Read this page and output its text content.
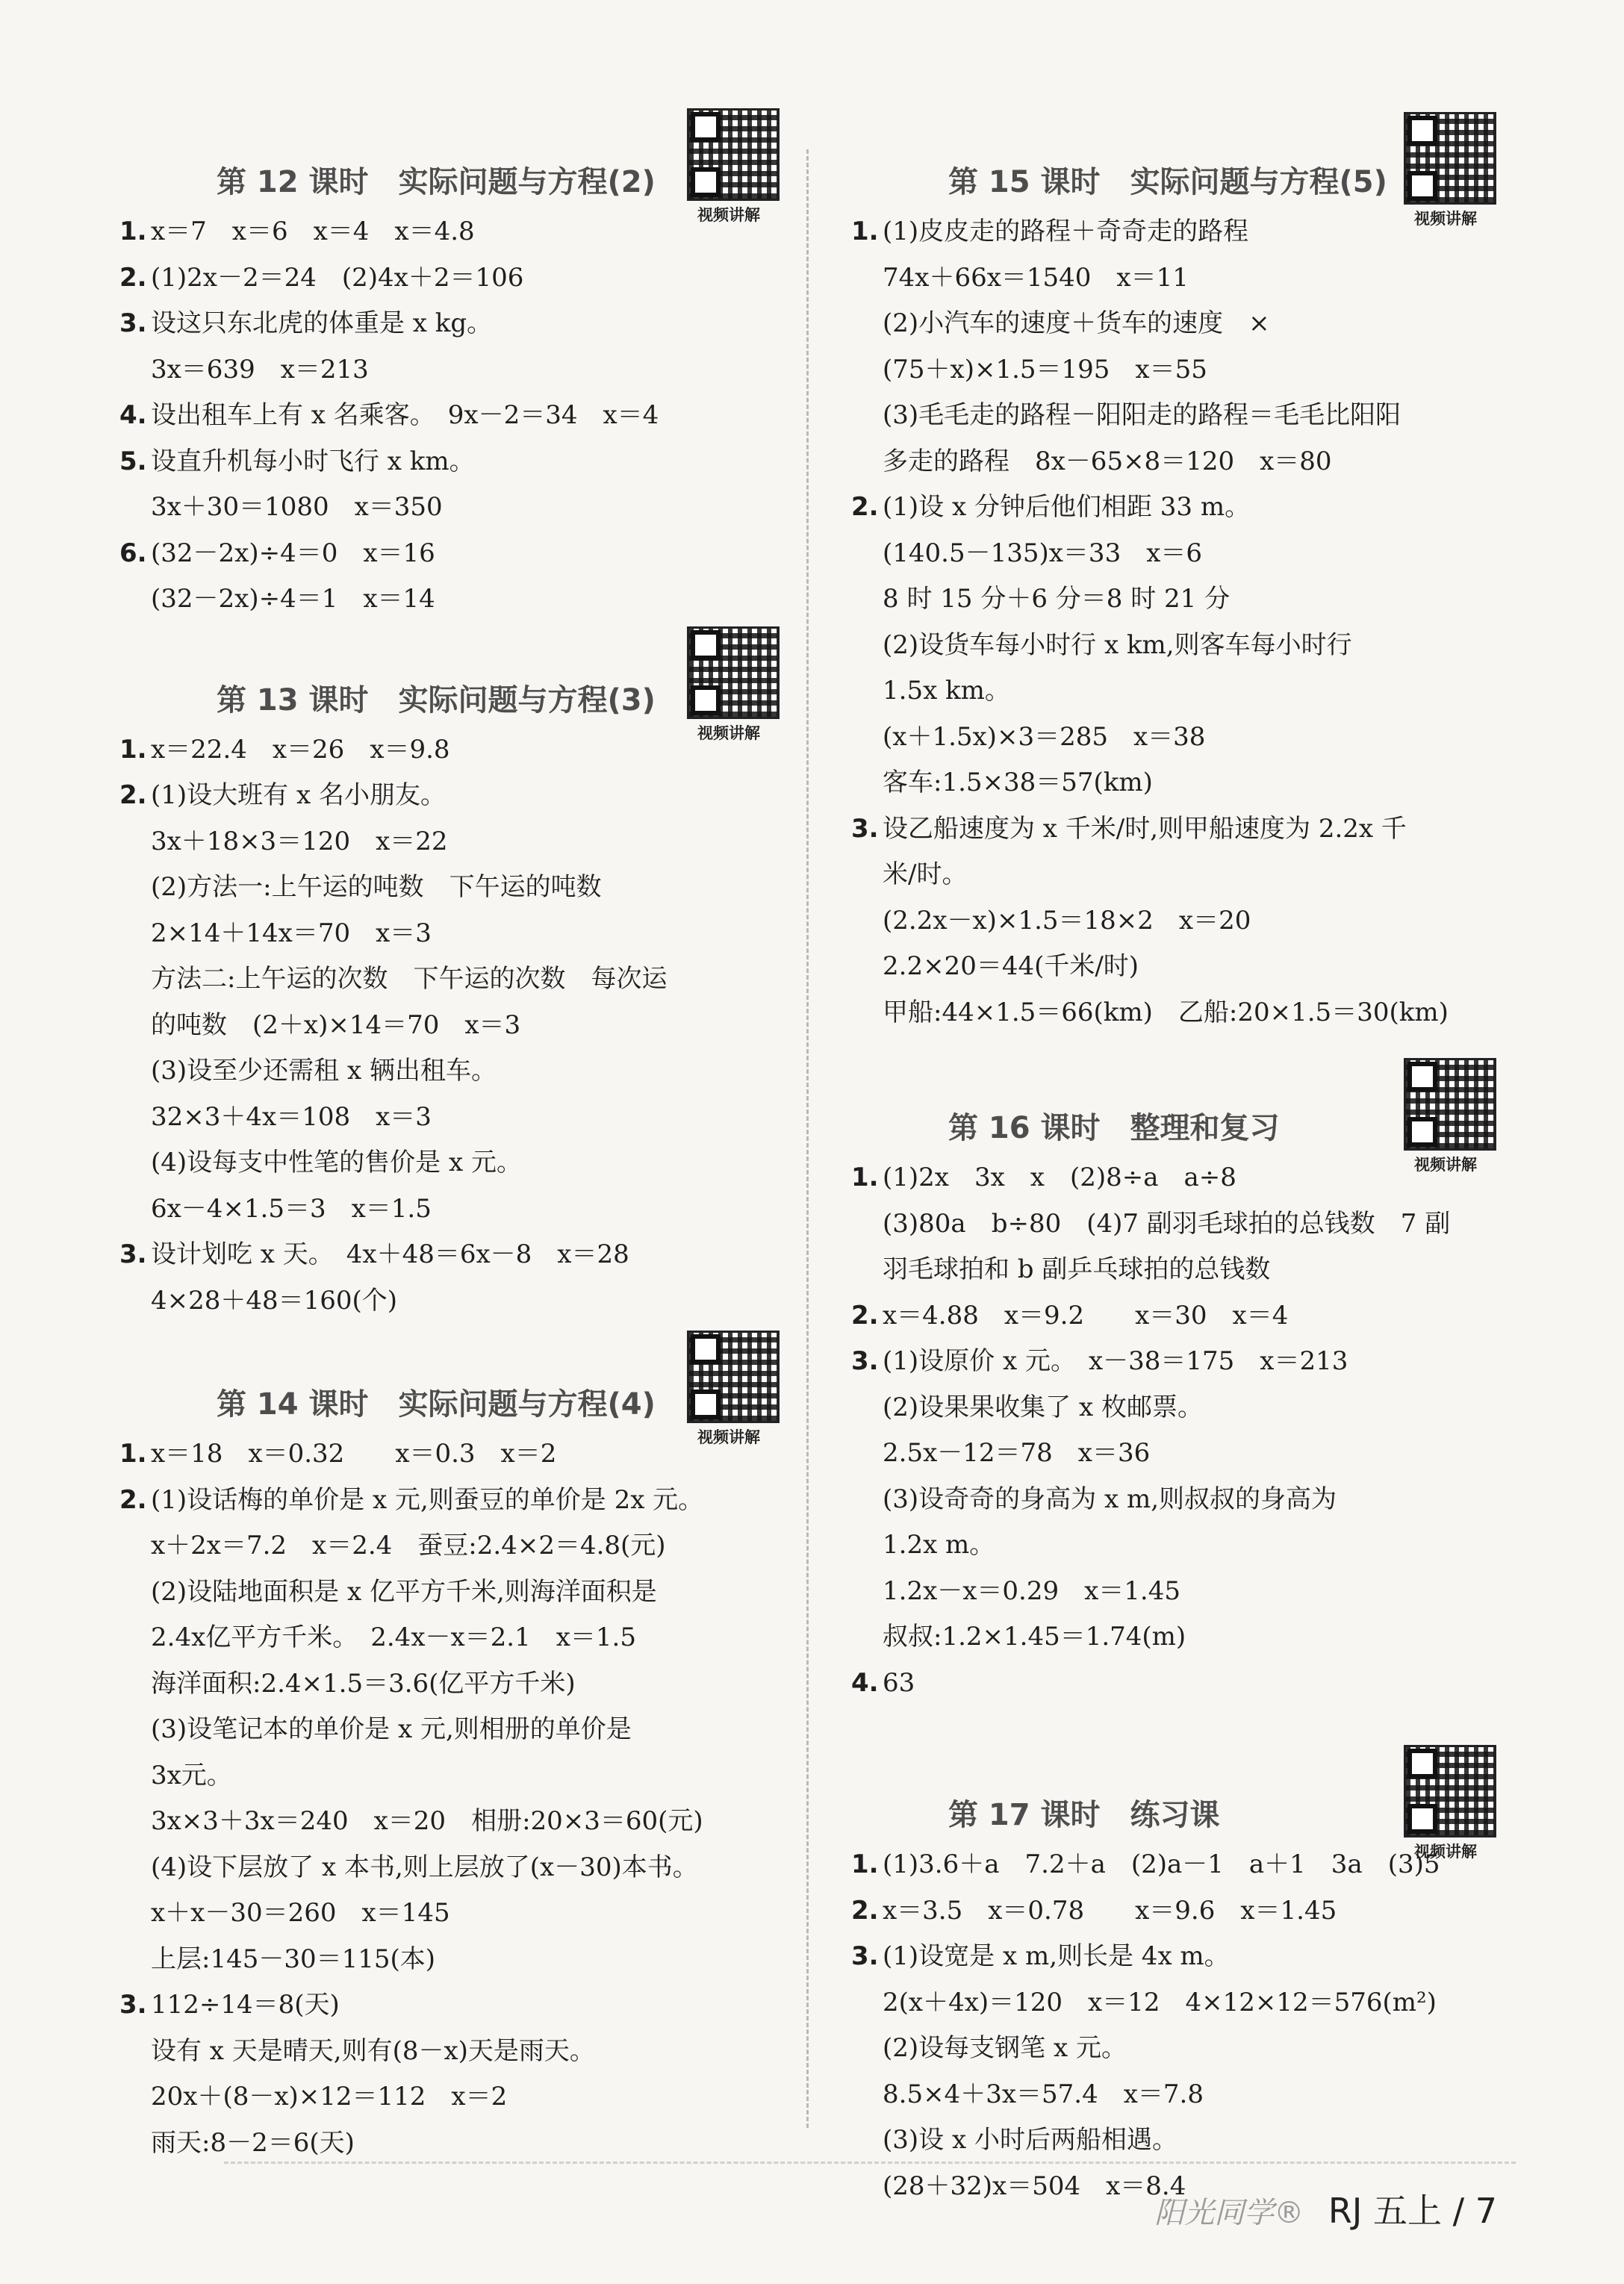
第 12 课时　实际问题与方程(2)
视频讲解
1. x＝7　x＝6　x＝4　x＝4.8
2. (1)2x－2＝24　(2)4x＋2＝106
3. 设这只东北虎的体重是 x kg。
3x＝639　x＝213
4. 设出租车上有 x 名乘客。　9x－2＝34　x＝4
5. 设直升机每小时飞行 x km。
3x＋30＝1080　x＝350
6. (32－2x)÷4＝0　x＝16
(32－2x)÷4＝1　x＝14
第 13 课时　实际问题与方程(3)
视频讲解
1. x＝22.4　x＝26　x＝9.8
2. (1)设大班有 x 名小朋友。
3x＋18×3＝120　x＝22
(2)方法一:上午运的吨数　下午运的吨数
2×14＋14x＝70　x＝3
方法二:上午运的次数　下午运的次数　每次运
的吨数　(2＋x)×14＝70　x＝3
(3)设至少还需租 x 辆出租车。
32×3＋4x＝108　x＝3
(4)设每支中性笔的售价是 x 元。
6x－4×1.5＝3　x＝1.5
3. 设计划吃 x 天。　4x＋48＝6x－8　x＝28
4×28＋48＝160(个)
第 14 课时　实际问题与方程(4)
视频讲解
1. x＝18　x＝0.32　　x＝0.3　x＝2
2. (1)设话梅的单价是 x 元,则蚕豆的单价是 2x 元。
x＋2x＝7.2　x＝2.4　蚕豆:2.4×2＝4.8(元)
(2)设陆地面积是 x 亿平方千米,则海洋面积是
2.4x亿平方千米。　2.4x－x＝2.1　x＝1.5
海洋面积:2.4×1.5＝3.6(亿平方千米)
(3)设笔记本的单价是 x 元,则相册的单价是
3x元。
3x×3＋3x＝240　x＝20　相册:20×3＝60(元)
(4)设下层放了 x 本书,则上层放了(x－30)本书。
x＋x－30＝260　x＝145
上层:145－30＝115(本)
3. 112÷14＝8(天)
设有 x 天是晴天,则有(8－x)天是雨天。
20x＋(8－x)×12＝112　x＝2
雨天:8－2＝6(天)
第 15 课时　实际问题与方程(5)
视频讲解
1. (1)皮皮走的路程＋奇奇走的路程
74x＋66x＝1540　x＝11
(2)小汽车的速度＋货车的速度　×
(75＋x)×1.5＝195　x＝55
(3)毛毛走的路程－阳阳走的路程＝毛毛比阳阳
多走的路程　8x－65×8＝120　x＝80
2. (1)设 x 分钟后他们相距 33 m。
(140.5－135)x＝33　x＝6
8 时 15 分＋6 分＝8 时 21 分
(2)设货车每小时行 x km,则客车每小时行
1.5x km。
(x＋1.5x)×3＝285　x＝38
客车:1.5×38＝57(km)
3. 设乙船速度为 x 千米/时,则甲船速度为 2.2x 千
米/时。
(2.2x－x)×1.5＝18×2　x＝20
2.2×20＝44(千米/时)
甲船:44×1.5＝66(km)　乙船:20×1.5＝30(km)
第 16 课时　整理和复习
视频讲解
1. (1)2x　3x　x　(2)8÷a　a÷8
(3)80a　b÷80　(4)7 副羽毛球拍的总钱数　7 副
羽毛球拍和 b 副乒乓球拍的总钱数
2. x＝4.88　x＝9.2　　x＝30　x＝4
3. (1)设原价 x 元。　x－38＝175　x＝213
(2)设果果收集了 x 枚邮票。
2.5x－12＝78　x＝36
(3)设奇奇的身高为 x m,则叔叔的身高为
1.2x m。
1.2x－x＝0.29　x＝1.45
叔叔:1.2×1.45＝1.74(m)
4. 63
第 17 课时　练习课
视频讲解
1. (1)3.6＋a　7.2＋a　(2)a－1　a＋1　3a　(3)5
2. x＝3.5　x＝0.78　　x＝9.6　x＝1.45
3. (1)设宽是 x m,则长是 4x m。
2(x＋4x)＝120　x＝12　4×12×12＝576(m²)
(2)设每支钢笔 x 元。
8.5×4＋3x＝57.4　x＝7.8
(3)设 x 小时后两船相遇。
(28＋32)x＝504　x＝8.4
阳光同学® RJ 五上 / 7
